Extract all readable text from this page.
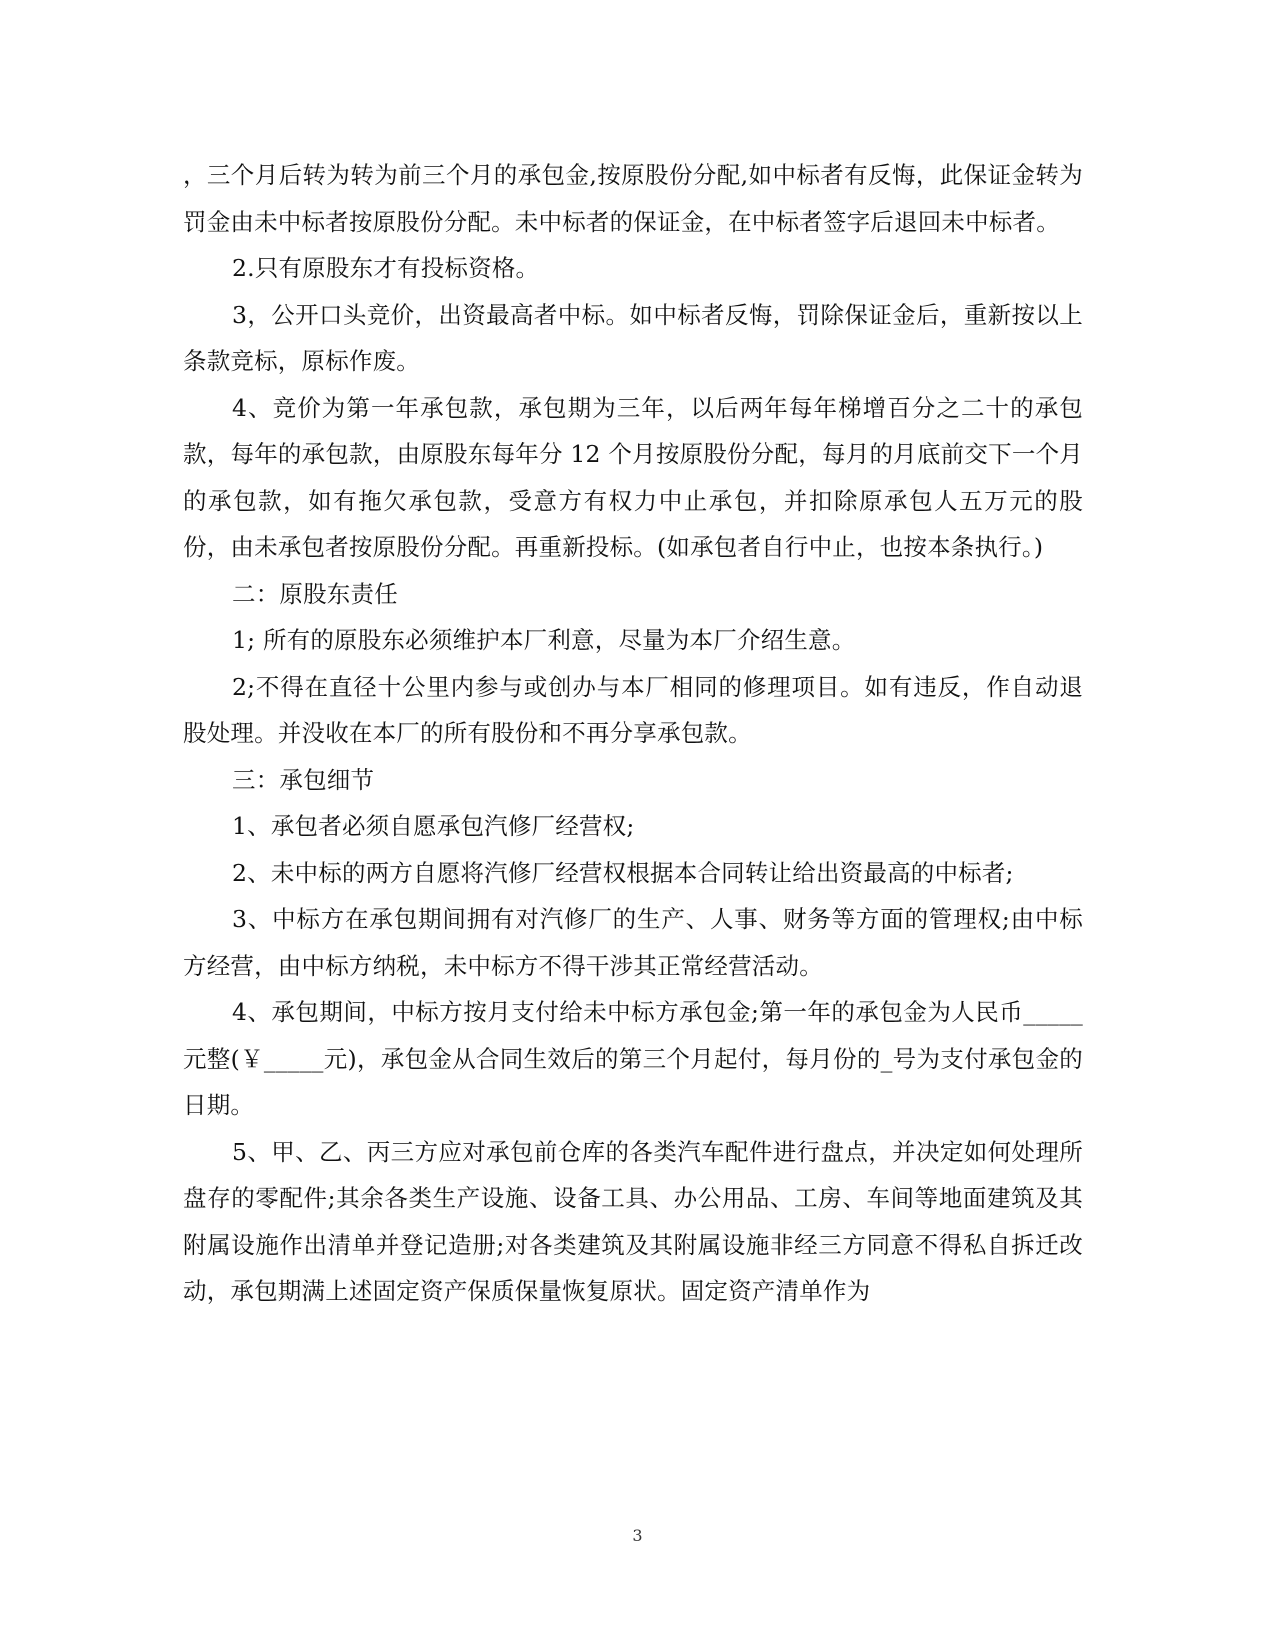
，三个月后转为转为前三个月的承包金,按原股份分配,如中标者有反悔，此保证金转为罚金由未中标者按原股份分配。未中标者的保证金，在中标者签字后退回未中标者。

2.只有原股东才有投标资格。

3，公开口头竞价，出资最高者中标。如中标者反悔，罚除保证金后，重新按以上条款竞标，原标作废。

4、竞价为第一年承包款，承包期为三年，以后两年每年梯增百分之二十的承包款，每年的承包款，由原股东每年分 12 个月按原股份分配，每月的月底前交下一个月的承包款，如有拖欠承包款，受意方有权力中止承包，并扣除原承包人五万元的股份，由未承包者按原股份分配。再重新投标。(如承包者自行中止，也按本条执行。)

二：原股东责任

1; 所有的原股东必须维护本厂利意，尽量为本厂介绍生意。

2;不得在直径十公里内参与或创办与本厂相同的修理项目。如有违反，作自动退股处理。并没收在本厂的所有股份和不再分享承包款。

三：承包细节

1、承包者必须自愿承包汽修厂经营权;

2、未中标的两方自愿将汽修厂经营权根据本合同转让给出资最高的中标者;

3、中标方在承包期间拥有对汽修厂的生产、人事、财务等方面的管理权;由中标方经营，由中标方纳税，未中标方不得干涉其正常经营活动。

4、承包期间，中标方按月支付给未中标方承包金;第一年的承包金为人民币_____元整(￥_____元)，承包金从合同生效后的第三个月起付，每月份的_号为支付承包金的日期。

5、甲、乙、丙三方应对承包前仓库的各类汽车配件进行盘点，并决定如何处理所盘存的零配件;其余各类生产设施、设备工具、办公用品、工房、车间等地面建筑及其附属设施作出清单并登记造册;对各类建筑及其附属设施非经三方同意不得私自拆迁改动，承包期满上述固定资产保质保量恢复原状。固定资产清单作为

3
